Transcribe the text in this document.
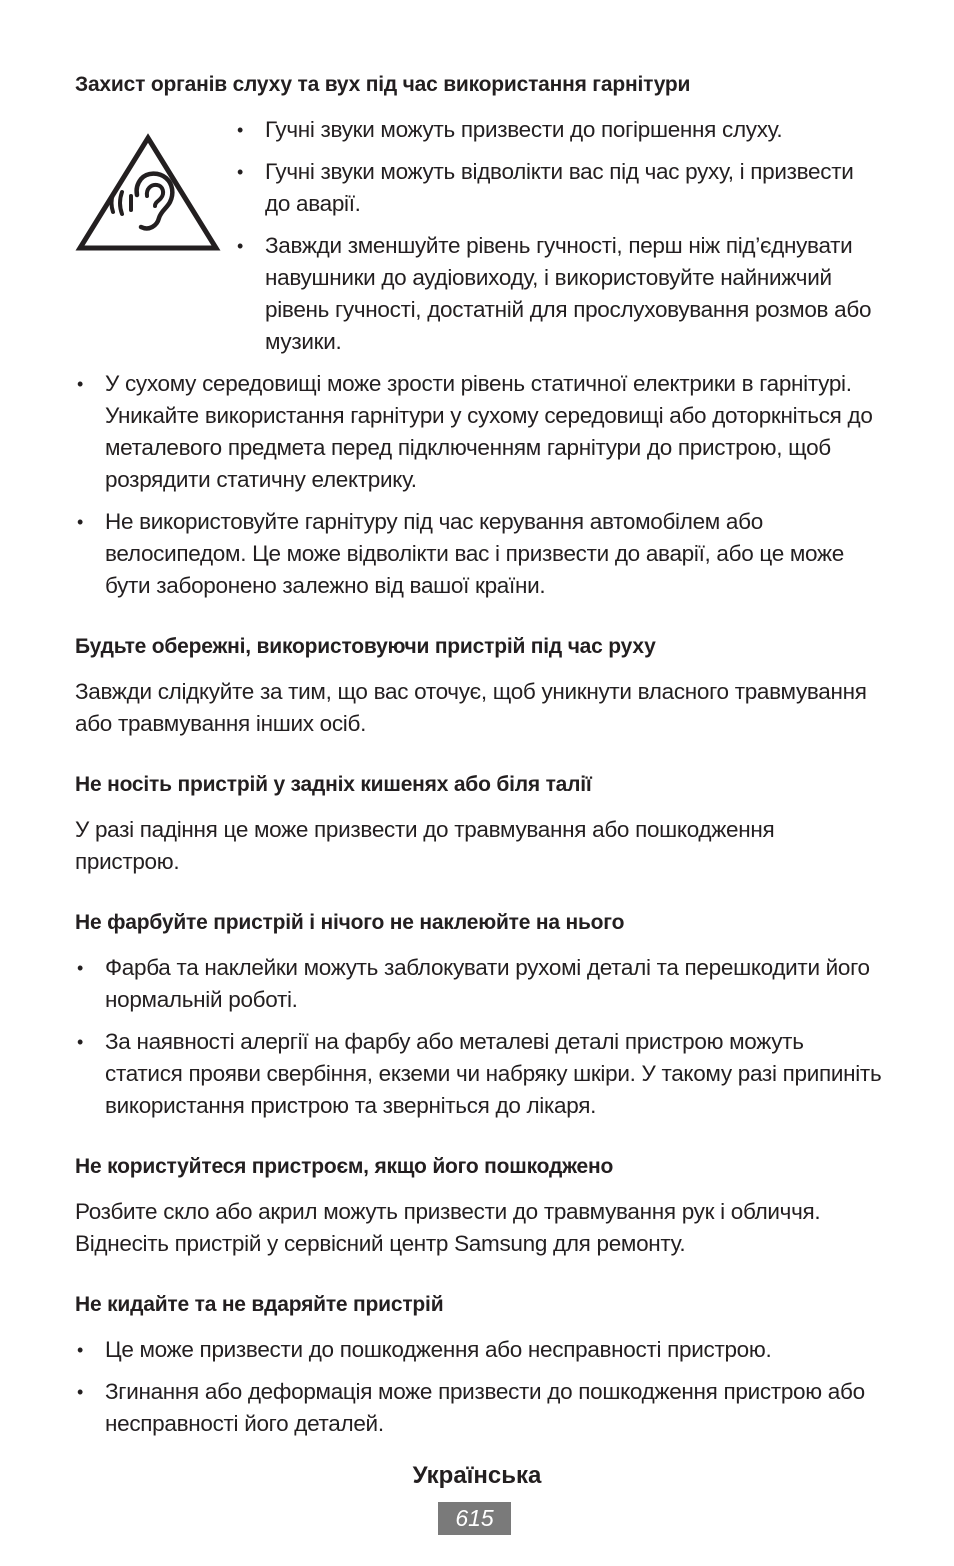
Захист органів слуху та вух під час використання гарнітури
• Гучні звуки можуть призвести до погіршення слуху.
• Гучні звуки можуть відволікти вас під час руху, і призвести до аварії.
• Завжди зменшуйте рівень гучності, перш ніж під’єднувати навушники до аудіовиходу, і використовуйте найнижчий рівень гучності, достатній для прослуховування розмов або музики.
• У сухому середовищі може зрости рівень статичної електрики в гарнітурі. Уникайте використання гарнітури у сухому середовищі або доторкніться до металевого предмета перед підключенням гарнітури до пристрою, щоб розрядити статичну електрику.
• Не використовуйте гарнітуру під час керування автомобілем або велосипедом. Це може відволікти вас і призвести до аварії, або це може бути заборонено залежно від вашої країни.
Будьте обережні, використовуючи пристрій під час руху

Завжди слідкуйте за тим, що вас оточує, щоб уникнути власного травмування або травмування інших осіб.

Не носіть пристрій у задніх кишенях або біля талії

У разі падіння це може призвести до травмування або пошкодження пристрою.

Не фарбуйте пристрій і нічого не наклеюйте на нього
• Фарба та наклейки можуть заблокувати рухомі деталі та перешкодити його нормальній роботі.
• За наявності алергії на фарбу або металеві деталі пристрою можуть статися прояви свербіння, екземи чи набряку шкіри. У такому разі припиніть використання пристрою та зверніться до лікаря.
Не користуйтеся пристроєм, якщо його пошкоджено

Розбите скло або акрил можуть призвести до травмування рук і обличчя. Віднесіть пристрій у сервісний центр Samsung для ремонту.

Не кидайте та не вдаряйте пристрій
• Це може призвести до пошкодження або несправності пристрою.
• Згинання або деформація може призвести до пошкодження пристрою або несправності його деталей.
Українська
615
